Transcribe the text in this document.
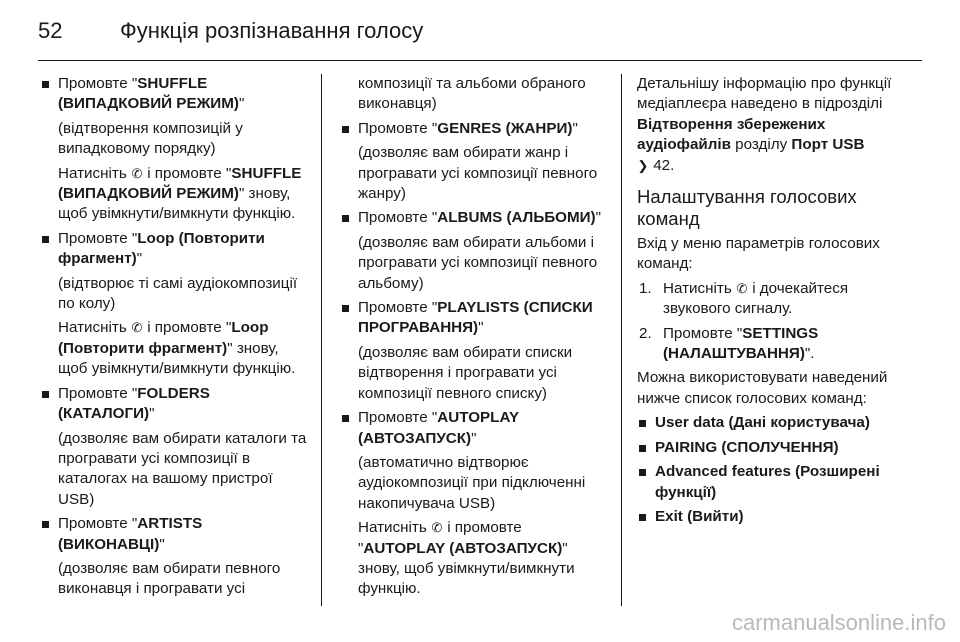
52	Функція розпізнавання голосу

Промовте "SHUFFLE (ВИПАДКОВИЙ РЕЖИМ)"

(відтворення композицій у випадковому порядку)

Натисніть ✆ і промовте "SHUFFLE (ВИПАДКОВИЙ РЕЖИМ)" знову, щоб увімкнути/вимкнути функцію.

Промовте "Loop (Повторити фрагмент)"

(відтворює ті самі аудіокомпозиції по колу)

Натисніть ✆ і промовте "Loop (Повторити фрагмент)" знову, щоб увімкнути/вимкнути функцію.

Промовте "FOLDERS (КАТАЛОГИ)"

(дозволяє вам обирати каталоги та програвати усі композиції в каталогах на вашому пристрої USB)

Промовте "ARTISTS (ВИКОНАВЦІ)"

(дозволяє вам обирати певного виконавця і програвати усі

композиції та альбоми обраного виконавця)

Промовте "GENRES (ЖАНРИ)"

(дозволяє вам обирати жанр і програвати усі композиції певного жанру)

Промовте "ALBUMS (АЛЬБОМИ)"

(дозволяє вам обирати альбоми і програвати усі композиції певного альбому)

Промовте "PLAYLISTS (СПИСКИ ПРОГРАВАННЯ)"

(дозволяє вам обирати списки відтворення і програвати усі композиції певного списку)

Промовте "AUTOPLAY (АВТОЗАПУСК)"

(автоматично відтворює аудіокомпозиції при підключенні накопичувача USB)

Натисніть ✆ і промовте "AUTOPLAY (АВТОЗАПУСК)" знову, щоб увімкнути/вимкнути функцію.

Детальнішу інформацію про функції медіаплеєра наведено в підрозділі Відтворення збережених аудіофайлів розділу Порт USB
❯ 42.

Налаштування голосових команд

Вхід у меню параметрів голосових команд:

1. Натисніть ✆ і дочекайтеся звукового сигналу.

2. Промовте "SETTINGS (НАЛАШТУВАННЯ)".

Можна використовувати наведений нижче список голосових команд:

User data (Дані користувача)

PAIRING (СПОЛУЧЕННЯ)

Advanced features (Розширені функції)

Exit (Вийти)

carmanualsonline.info
